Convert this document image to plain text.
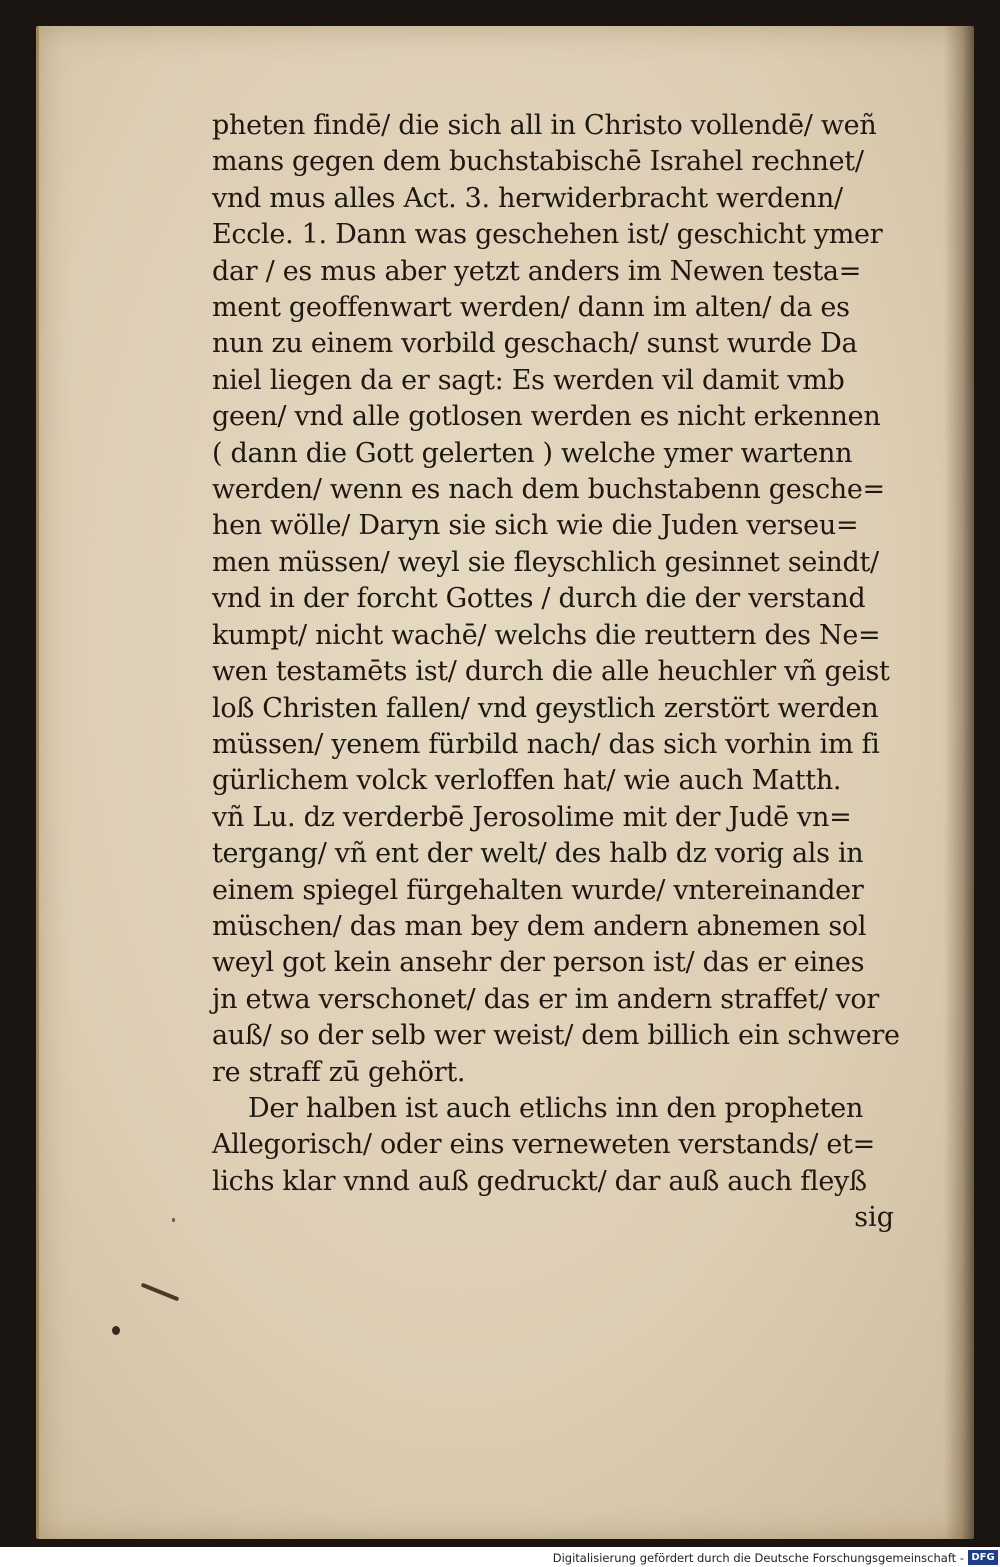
pheten findē/ die sich all in Christo vollendē/ weñ
mans gegen dem buchstabischē Israhel rechnet/
vnd mus alles Act. 3. herwiderbracht werdenn/
Eccle. 1. Dann was geschehen ist/ geschicht ymer
dar / es mus aber yetzt anders im Newen testa=
ment geoffenwart werden/ dann im alten/ da es
nun zu einem vorbild geschach/ sunst wurde Da
niel liegen da er sagt: Es werden vil damit vmb
geen/ vnd alle gotlosen werden es nicht erkennen
( dann die Gott gelerten ) welche ymer wartenn
werden/ wenn es nach dem buchstabenn gesche=
hen wölle/ Daryn sie sich wie die Juden verseu=
men müssen/ weyl sie fleyschlich gesinnet seindt/
vnd in der forcht Gottes / durch die der verstand
kumpt/ nicht wachē/ welchs die reuttern des Ne=
wen testamēts ist/ durch die alle heuchler vñ geist
loß Christen fallen/ vnd geystlich zerstört werden
müssen/ yenem fürbild nach/ das sich vorhin im fi
gürlichem volck verloffen hat/ wie auch Matth.
vñ Lu. dz verderbē Jerosolime mit der Judē vn=
tergang/ vñ ent der welt/ des halb dz vorig als in
einem spiegel fürgehalten wurde/ vntereinander
müschen/ das man bey dem andern abnemen sol
weyl got kein ansehr der person ist/ das er eines
jn etwa verschonet/ das er im andern straffet/ vor
auß/ so der selb wer weist/ dem billich ein schwere
re straff zū gehört.
Der halben ist auch etlichs inn den propheten
Allegorisch/ oder eins verneweten verstands/ et=
lichs klar vnnd auß gedruckt/ dar auß auch fleyß
sig
Digitalisierung gefördert durch die Deutsche Forschungsgemeinschaft - DFG
